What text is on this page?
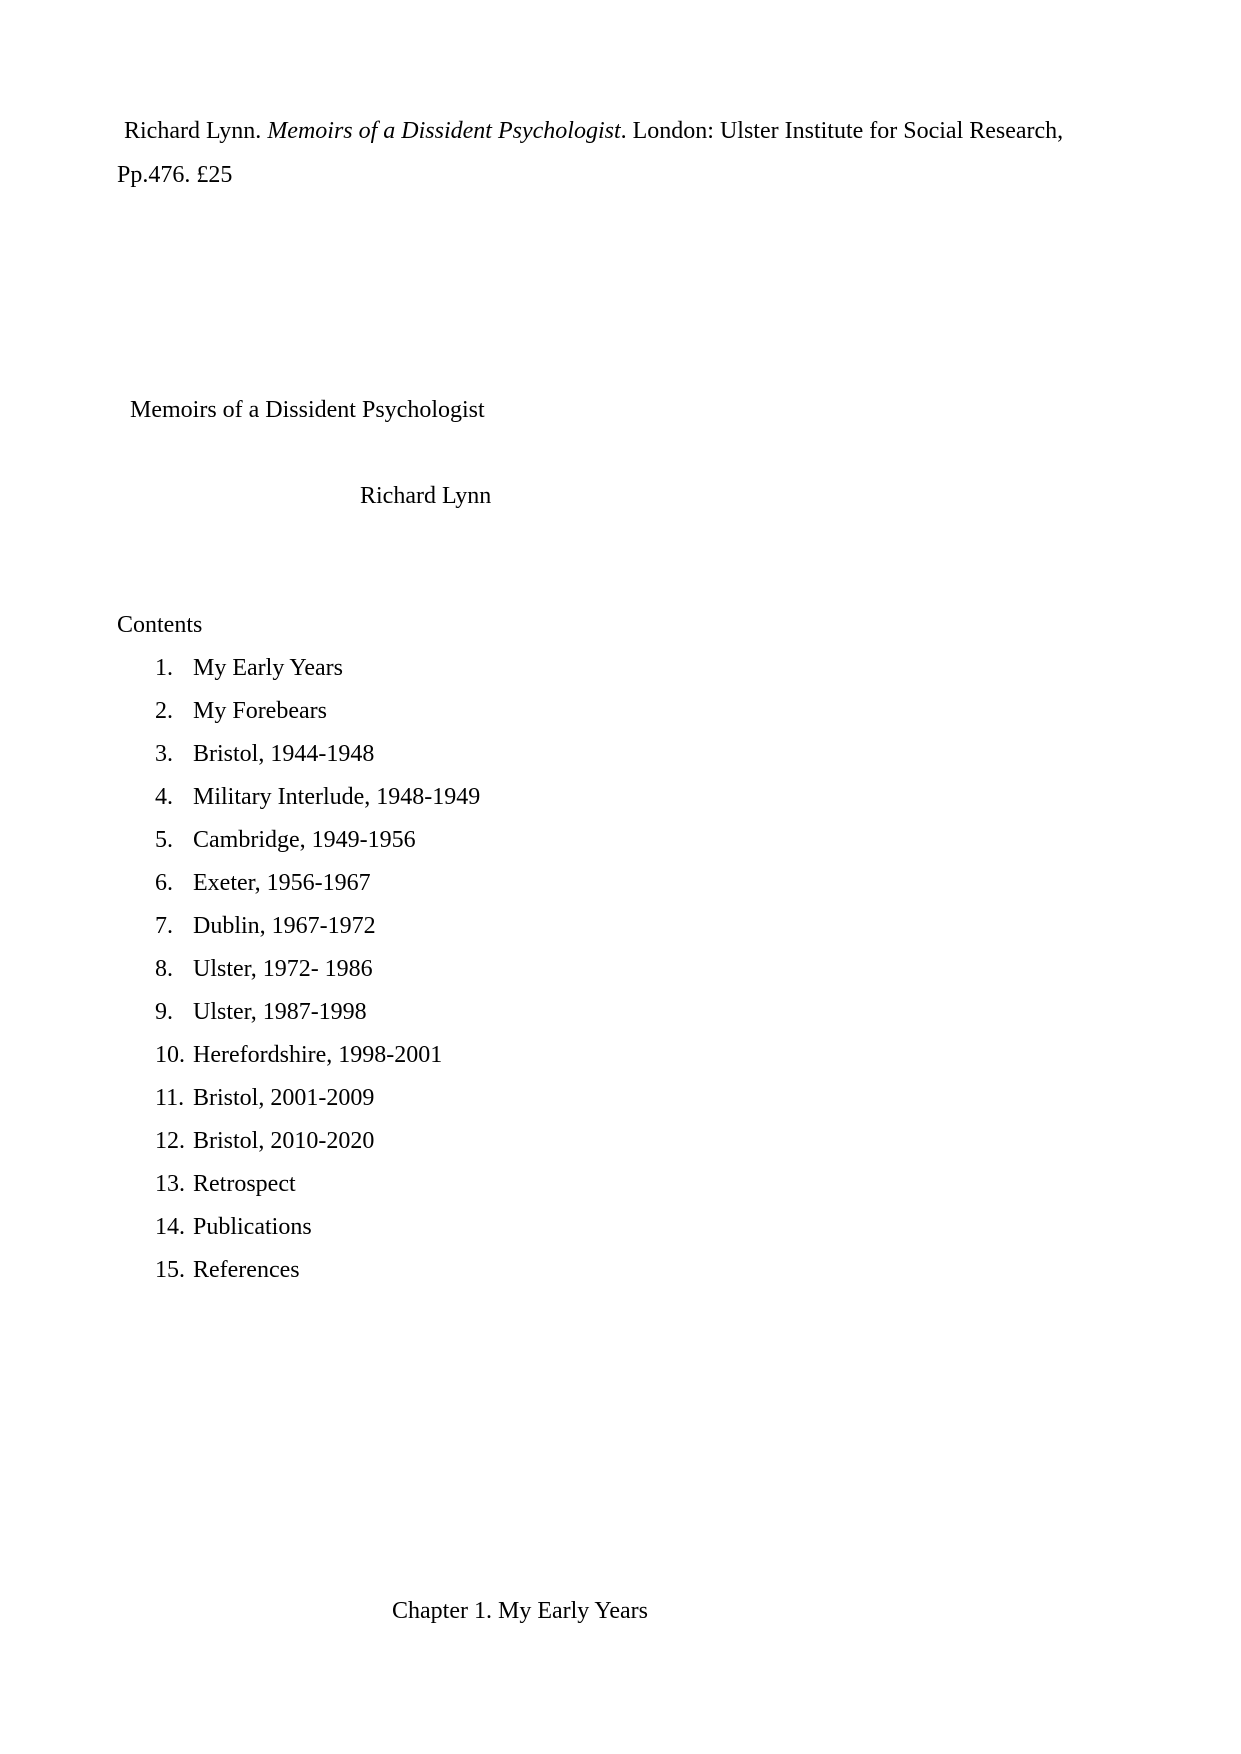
Richard Lynn. Memoirs of a Dissident Psychologist. London: Ulster Institute for Social Research,
Pp.476. £25
Memoirs of a Dissident Psychologist
Richard Lynn
Contents
1. My Early Years
2. My Forebears
3. Bristol, 1944-1948
4. Military Interlude, 1948-1949
5. Cambridge, 1949-1956
6. Exeter, 1956-1967
7. Dublin, 1967-1972
8. Ulster, 1972- 1986
9. Ulster, 1987-1998
10. Herefordshire, 1998-2001
11. Bristol, 2001-2009
12. Bristol, 2010-2020
13. Retrospect
14. Publications
15. References
Chapter 1. My Early Years
